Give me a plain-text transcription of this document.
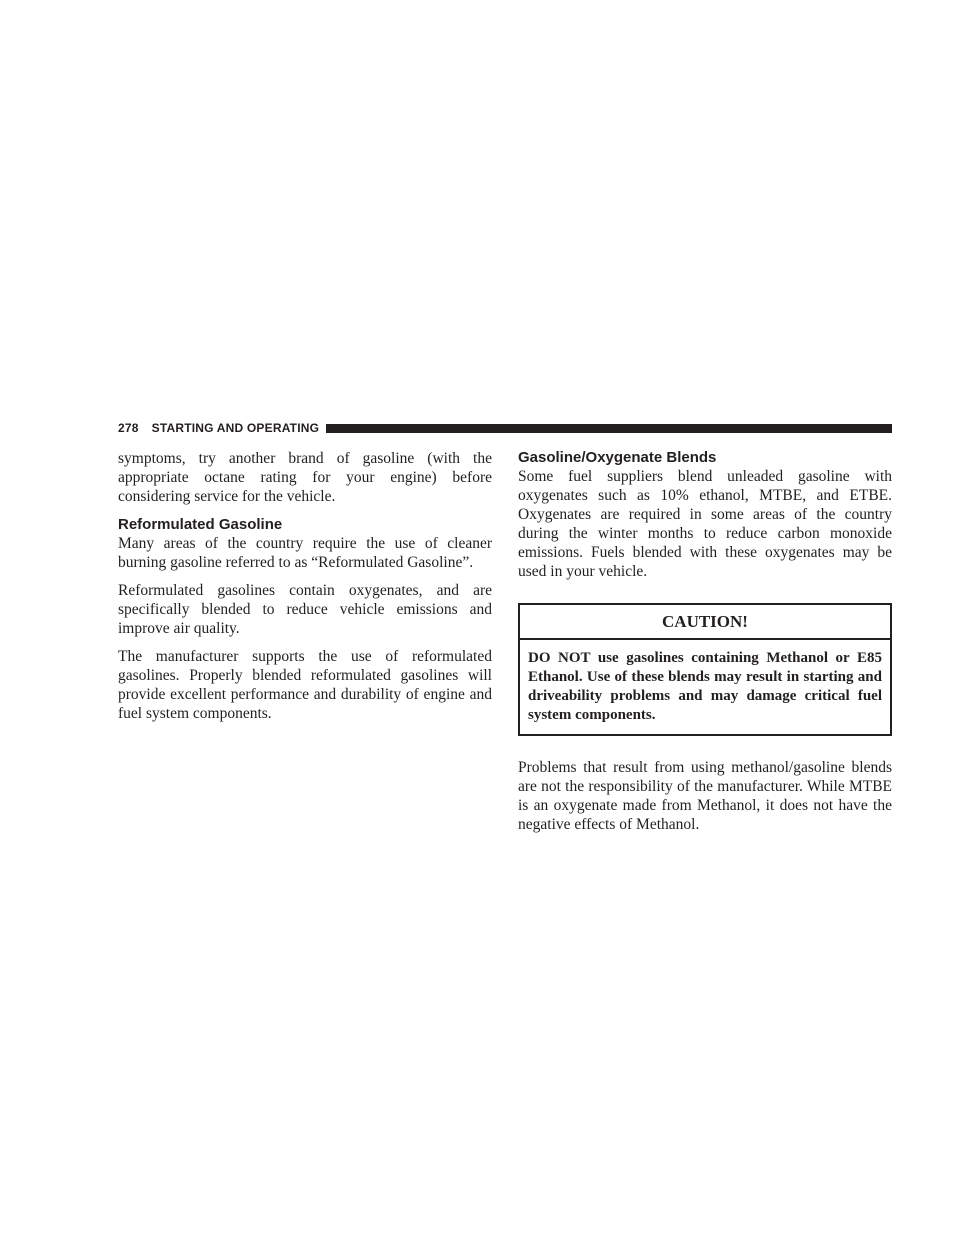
278 STARTING AND OPERATING

symptoms, try another brand of gasoline (with the appropriate octane rating for your engine) before considering service for the vehicle.

Reformulated Gasoline

Many areas of the country require the use of cleaner burning gasoline referred to as “Reformulated Gasoline”.

Reformulated gasolines contain oxygenates, and are specifically blended to reduce vehicle emissions and improve air quality.

The manufacturer supports the use of reformulated gasolines. Properly blended reformulated gasolines will provide excellent performance and durability of engine and fuel system components.

Gasoline/Oxygenate Blends

Some fuel suppliers blend unleaded gasoline with oxygenates such as 10% ethanol, MTBE, and ETBE. Oxygenates are required in some areas of the country during the winter months to reduce carbon monoxide emissions. Fuels blended with these oxygenates may be used in your vehicle.

CAUTION!
DO NOT use gasolines containing Methanol or E85 Ethanol. Use of these blends may result in starting and driveability problems and may damage critical fuel system components.

Problems that result from using methanol/gasoline blends are not the responsibility of the manufacturer. While MTBE is an oxygenate made from Methanol, it does not have the negative effects of Methanol.
